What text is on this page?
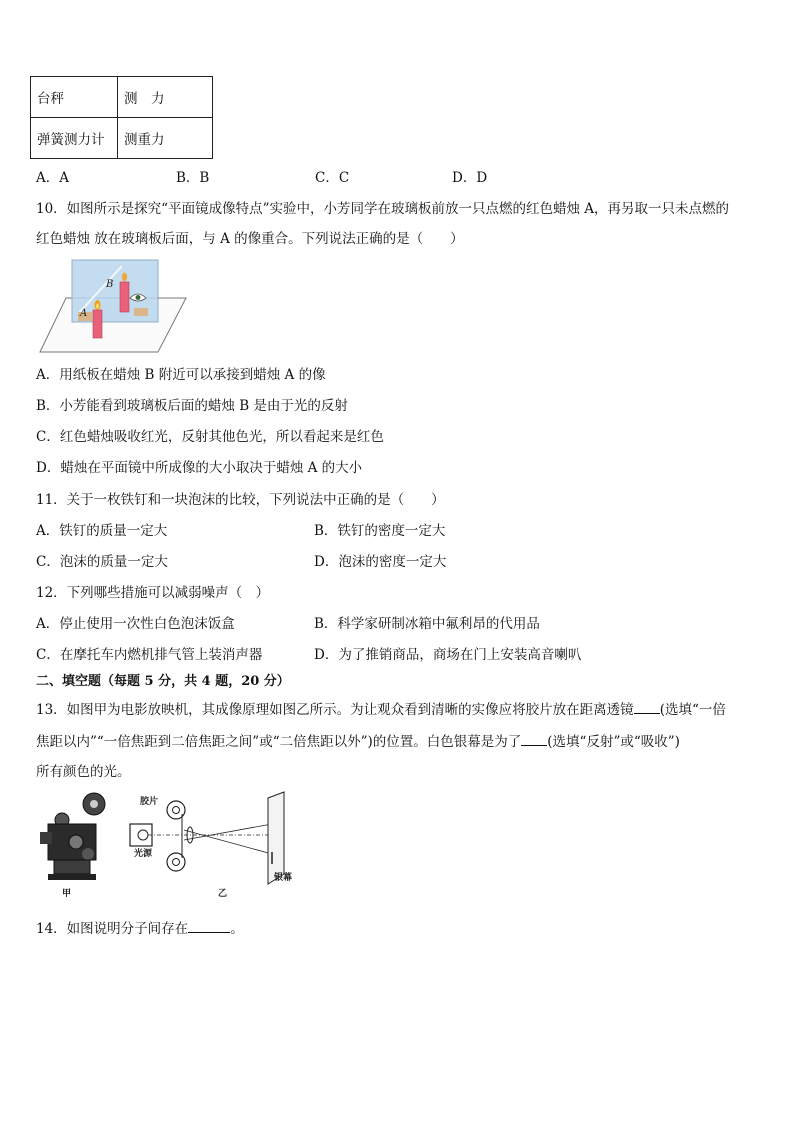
台秤	测　力
弹簧测力计	测重力
A．A	B．B	C．C	D．D
10．如图所示是探究“平面镜成像特点”实验中，小芳同学在玻璃板前放一只点燃的红色蜡烛 A，再另取一只未点燃的
红色蜡烛 放在玻璃板后面，与 A 的像重合。下列说法正确的是（　　）
B
A
A．用纸板在蜡烛 B 附近可以承接到蜡烛 A 的像
B．小芳能看到玻璃板后面的蜡烛 B 是由于光的反射
C．红色蜡烛吸收红光，反射其他色光，所以看起来是红色
D．蜡烛在平面镜中所成像的大小取决于蜡烛 A 的大小
11．关于一枚铁钉和一块泡沫的比较，下列说法中正确的是（　　）
A．铁钉的质量一定大	B．铁钉的密度一定大
C．泡沫的质量一定大	D．泡沫的密度一定大
12．下列哪些措施可以减弱噪声（　）
A．停止使用一次性白色泡沫饭盒	B．科学家研制冰箱中氟利昂的代用品
C．在摩托车内燃机排气管上装消声器	D．为了推销商品，商场在门上安装高音喇叭
二、填空题（每题 5 分，共 4 题，20 分）
13．如图甲为电影放映机，其成像原理如图乙所示。为让观众看到清晰的实像应将胶片放在距离透镜 (选填“一倍
焦距以内”“一倍焦距到二倍焦距之间”或“二倍焦距以外”)的位置。白色银幕是为了 (选填“反射”或“吸收”)
所有颜色的光。
甲
胶片
光源
银幕
乙
14．如图说明分子间存在	。
